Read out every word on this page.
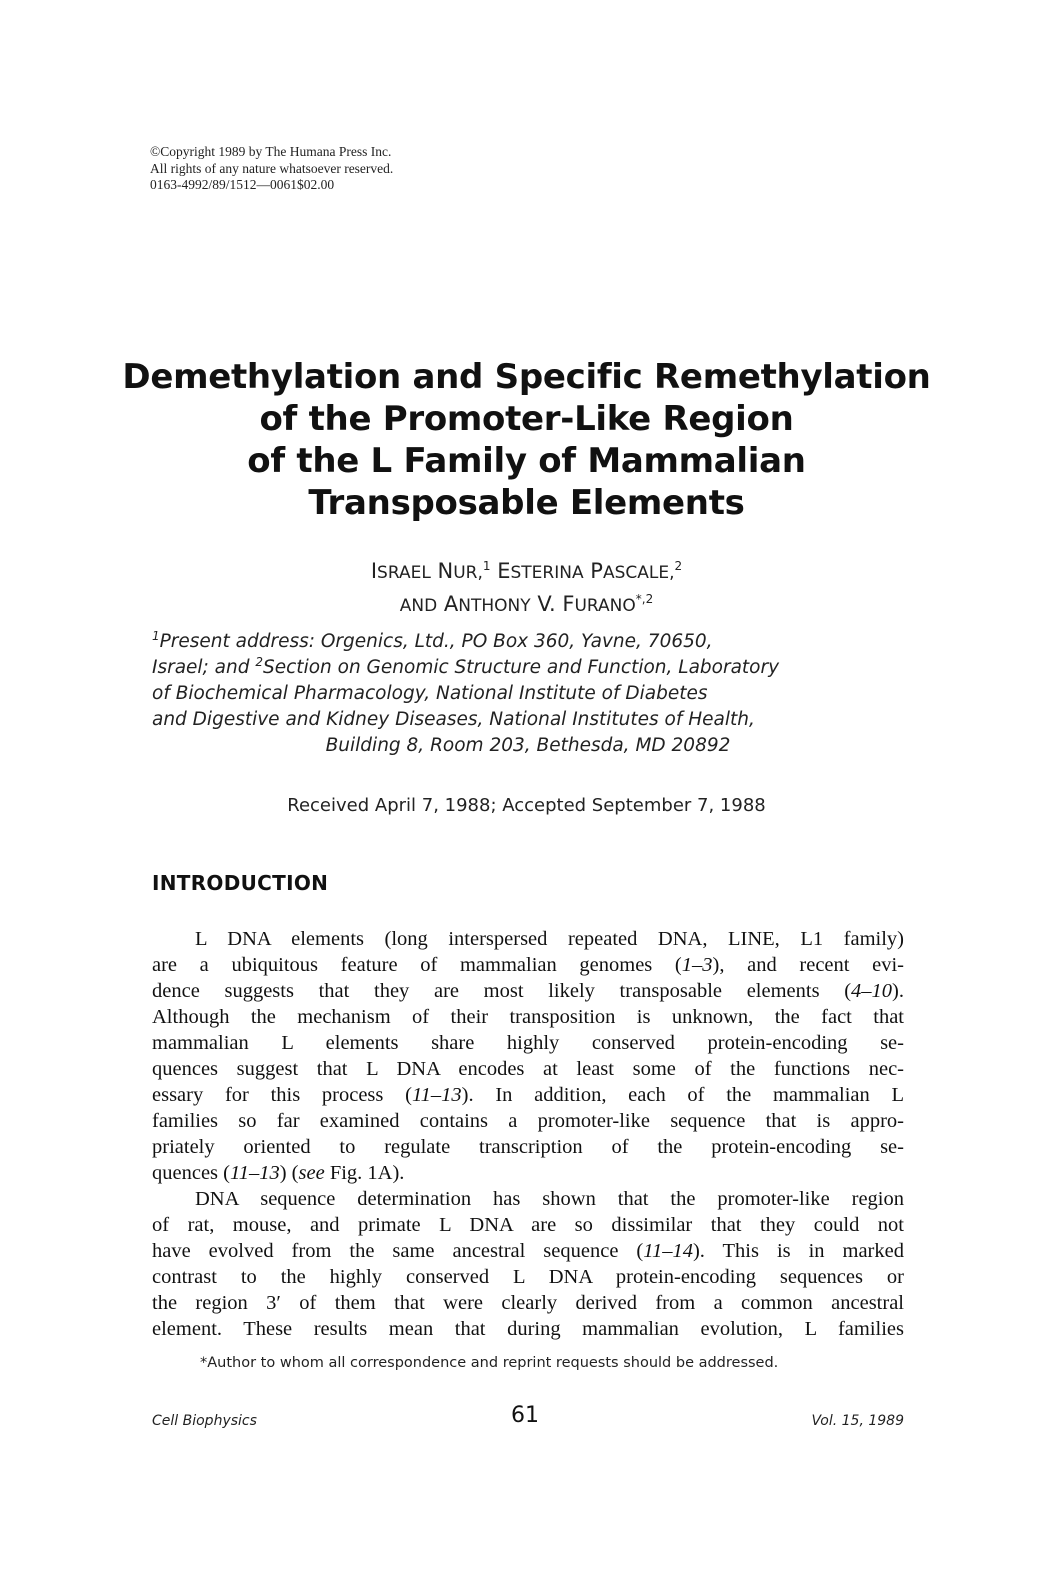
©Copyright 1989 by The Humana Press Inc.
All rights of any nature whatsoever reserved.
0163-4992/89/1512—0061$02.00
Demethylation and Specific Remethylation
of the Promoter-Like Region
of the L Family of Mammalian
Transposable Elements
ISRAEL NUR,$^1$ ESTERINA PASCALE,$^2$
AND ANTHONY V. $FURANO^{*,2}$
$^1$Present address: Orgenics, Ltd., PO Box 360, Yavne, 70650,
Israel; and $^2$Section on Genomic Structure and Function, Laboratory
of Biochemical Pharmacology, National Institute of Diabetes
and Digestive and Kidney Diseases, National Institutes of Health,
Building 8, Room 203, Bethesda, MD 20892
Received April 7, 1988; Accepted September 7, 1988
INTRODUCTION
L DNA elements (long interspersed repeated DNA, LINE, L1 family)
are a ubiquitous feature of mammalian genomes (1–3), and recent evi-
dence suggests that they are most likely transposable elements (4–10).
Although the mechanism of their transposition is unknown, the fact that
mammalian L elements share highly conserved protein-encoding se-
quences suggest that L DNA encodes at least some of the functions nec-
essary for this process (11–13). In addition, each of the mammalian L
families so far examined contains a promoter-like sequence that is appro-
priately oriented to regulate transcription of the protein-encoding se-
quences (11–13) (see Fig. 1A).
DNA sequence determination has shown that the promoter-like region
of rat, mouse, and primate L DNA are so dissimilar that they could not
have evolved from the same ancestral sequence (11–14). This is in marked
contrast to the highly conserved L DNA protein-encoding sequences or
the region 3′ of them that were clearly derived from a common ancestral
element. These results mean that during mammalian evolution, L families
*Author to whom all correspondence and reprint requests should be addressed.
Cell Biophysics	61	Vol. 15, 1989
